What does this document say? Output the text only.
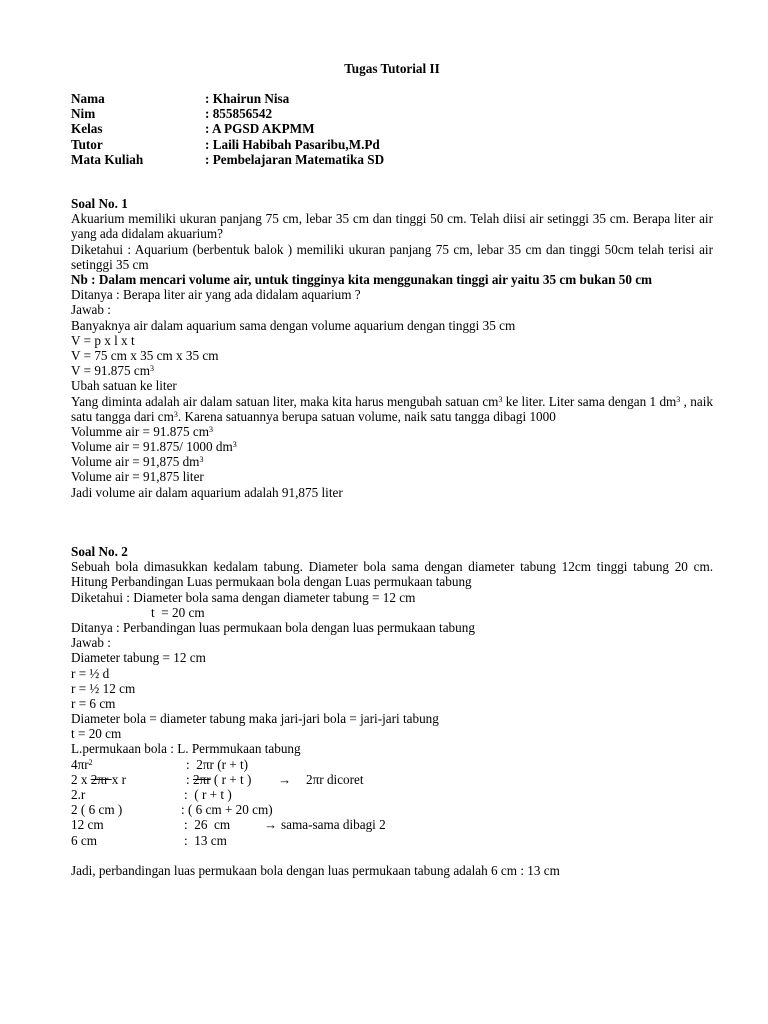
Tugas Tutorial II
Nama	: Khairun Nisa
Nim	: 855856542
Kelas	: A PGSD AKPMM
Tutor	: Laili Habibah Pasaribu,M.Pd
Mata Kuliah	: Pembelajaran Matematika SD
Soal No. 1
Akuarium memiliki ukuran panjang 75 cm, lebar 35 cm dan tinggi 50 cm. Telah diisi air setinggi 35 cm. Berapa liter air yang ada didalam akuarium?
Diketahui : Aquarium (berbentuk balok ) memiliki ukuran panjang 75 cm, lebar 35 cm dan tinggi 50cm telah terisi air setinggi 35 cm
Nb : Dalam mencari volume air, untuk tingginya kita menggunakan tinggi air yaitu 35 cm bukan 50 cm
Ditanya : Berapa liter air yang ada didalam aquarium ?
Jawab :
Banyaknya air dalam aquarium sama dengan volume aquarium dengan tinggi 35 cm
V = p x l x t
V = 75 cm x 35 cm x 35 cm
V = 91.875 $cm^3$
Ubah satuan ke liter
Yang diminta adalah air dalam satuan liter, maka kita harus mengubah satuan $cm^3$ ke liter. Liter sama dengan 1 $dm^3$ , naik satu tangga dari $cm^3$. Karena satuannya berupa satuan volume, naik satu tangga dibagi 1000
Volumme air = 91.875 $cm^3$
Volume air = 91.875/ 1000 $dm^3$
Volume air = 91,875 $dm^3$
Volume air = 91,875 liter
Jadi volume air dalam aquarium adalah 91,875 liter
Soal No. 2
Sebuah bola dimasukkan kedalam tabung. Diameter bola sama dengan diameter tabung 12cm tinggi tabung 20 cm. Hitung Perbandingan Luas permukaan bola dengan Luas permukaan tabung
Diketahui : Diameter bola sama dengan diameter tabung = 12 cm
t  = 20 cm
Ditanya : Perbandingan luas permukaan bola dengan luas permukaan tabung
Jawab :
Diameter tabung = 12 cm
r = ½ d
r = ½ 12 cm
r = 6 cm
Diameter bola = diameter tabung maka jari-jari bola = jari-jari tabung
t = 20 cm
L.permukaan bola : L. Permmukaan tabung
$4\pi r^2$	:  2πr (r + t)
2 x 2πr x r	: 2πr ( r + t ) → 2πr dicoret
2.r	:  ( r + t )
2 ( 6 cm )	: ( 6 cm + 20 cm)
12 cm	:  26  cm	→ sama-sama dibagi 2
6 cm	:  13 cm
Jadi, perbandingan luas permukaan bola dengan luas permukaan tabung adalah 6 cm : 13 cm
